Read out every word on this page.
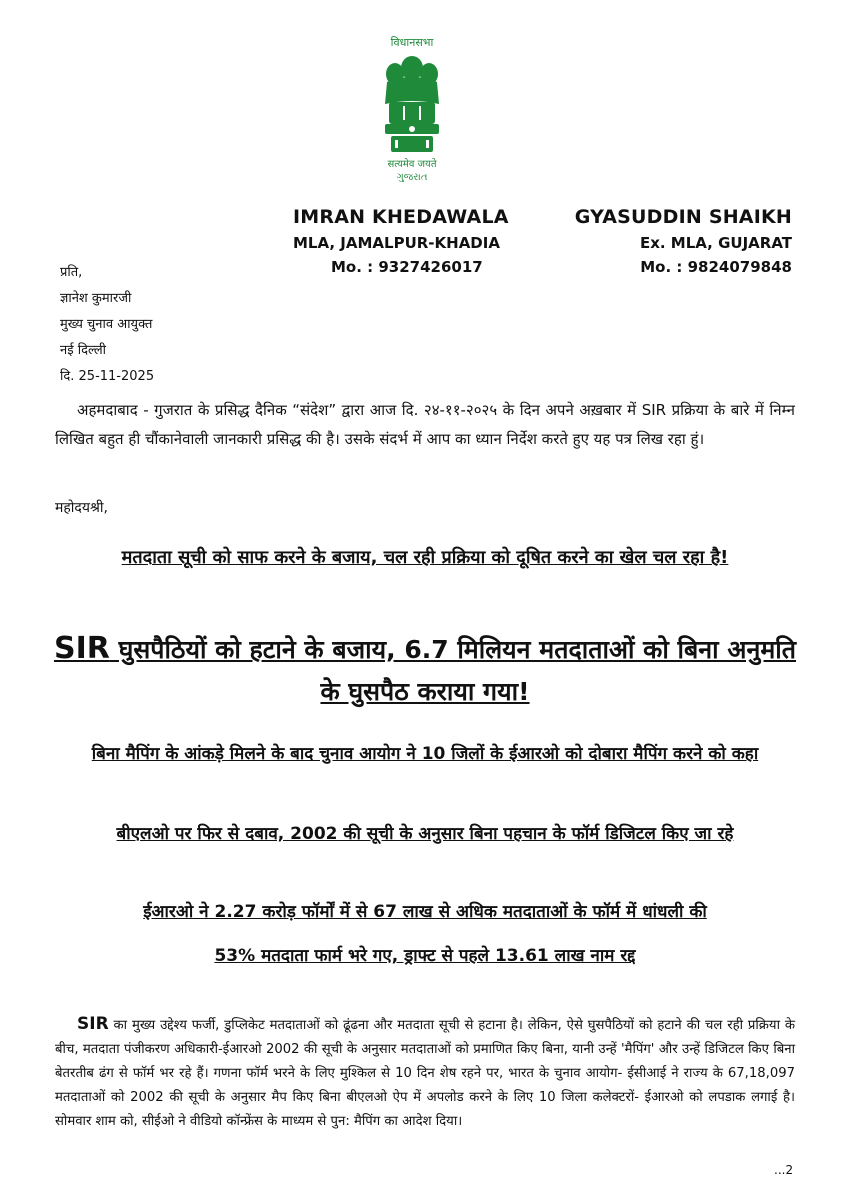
विधानसभा
सत्यमेव जयते
ગુજરાત
IMRAN KHEDAWALA
MLA, JAMALPUR-KHADIA
Mo. : 9327426017
GYASUDDIN SHAIKH
Ex. MLA, GUJARAT
Mo. : 9824079848
प्रति,
ज्ञानेश कुमारजी
मुख्य चुनाव आयुक्त
नई दिल्ली
दि. 25-11-2025
अहमदाबाद - गुजरात के प्रसिद्ध दैनिक “संदेश” द्वारा आज दि. २४-११-२०२५ के दिन अपने अख़बार में SIR प्रक्रिया के बारे में निम्न लिखित बहुत ही चौंकानेवाली जानकारी प्रसिद्ध की है। उसके संदर्भ में आप का ध्यान निर्देश करते हुए यह पत्र लिख रहा हुं।
महोदयश्री,
मतदाता सूची को साफ करने के बजाय, चल रही प्रक्रिया को दूषित करने का खेल चल रहा है!
SIR घुसपैठियों को हटाने के बजाय, 6.7 मिलियन मतदाताओं को बिना अनुमति के घुसपैठ कराया गया!
बिना मैपिंग के आंकड़े मिलने के बाद चुनाव आयोग ने 10 जिलों के ईआरओ को दोबारा मैपिंग करने को कहा
बीएलओ पर फिर से दबाव, 2002 की सूची के अनुसार बिना पहचान के फॉर्म डिजिटल किए जा रहे
ईआरओ ने 2.27 करोड़ फॉर्मों में से 67 लाख से अधिक मतदाताओं के फॉर्म में धांधली की
53% मतदाता फार्म भरे गए, ड्राफ्ट से पहले 13.61 लाख नाम रद्द
SIR का मुख्य उद्देश्य फर्जी, डुप्लिकेट मतदाताओं को ढूंढना और मतदाता सूची से हटाना है। लेकिन, ऐसे घुसपैठियों को हटाने की चल रही प्रक्रिया के बीच, मतदाता पंजीकरण अधिकारी-ईआरओ 2002 की सूची के अनुसार मतदाताओं को प्रमाणित किए बिना, यानी उन्हें 'मैपिंग' और उन्हें डिजिटल किए बिना बेतरतीब ढंग से फॉर्म भर रहे हैं। गणना फॉर्म भरने के लिए मुश्किल से 10 दिन शेष रहने पर, भारत के चुनाव आयोग- ईसीआई ने राज्य के 67,18,097 मतदाताओं को 2002 की सूची के अनुसार मैप किए बिना बीएलओ ऐप में अपलोड करने के लिए 10 जिला कलेक्टरों- ईआरओ को लपडाक लगाई है। सोमवार शाम को, सीईओ ने वीडियो कॉन्फ्रेंस के माध्यम से पुन: मैपिंग का आदेश दिया।
...2
